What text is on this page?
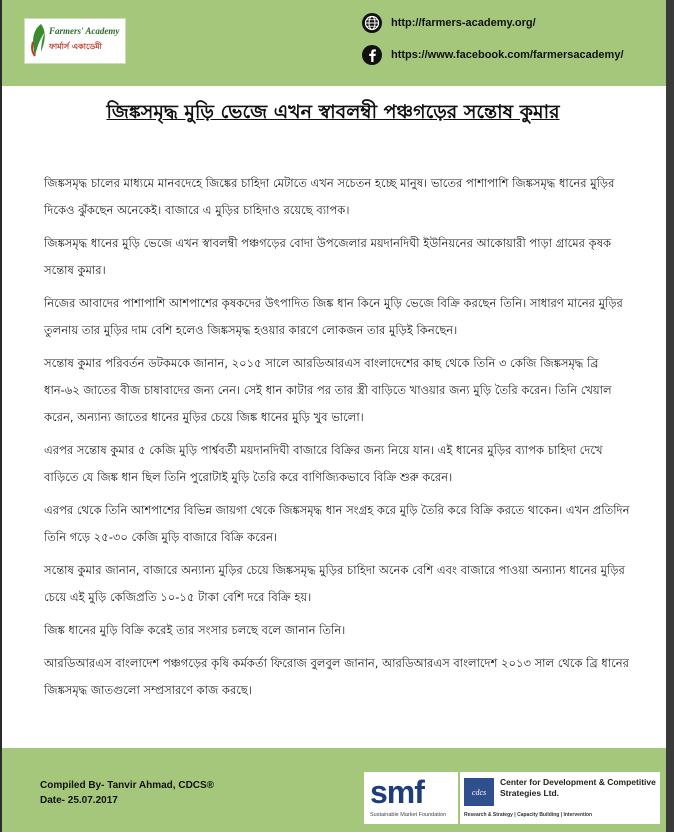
Farmers' Academy
ফার্মার্স একাডেমী
http://farmers-academy.org/
https://www.facebook.com/farmersacademy/
জিঙ্কসমৃদ্ধ মুড়ি ভেজে এখন স্বাবলম্বী পঞ্চগড়ের সন্তোষ কুমার

জিঙ্কসমৃদ্ধ চালের মাধ্যমে মানবদেহে জিঙ্কের চাহিদা মেটাতে এখন সচেতন হচ্ছে মানুষ। ভাতের পাশাপাশি জিঙ্কসমৃদ্ধ ধানের মুড়ির দিকেও ঝুঁকছেন অনেকেই। বাজারে এ মুড়ির চাহিদাও রয়েছে ব্যাপক।

জিঙ্কসমৃদ্ধ ধানের মুড়ি ভেজে এখন স্বাবলম্বী পঞ্চগড়ের বোদা উপজেলার ময়দানদিঘী ইউনিয়নের আকোয়ারী পাড়া গ্রামের কৃষক সন্তোষ কুমার।

নিজের আবাদের পাশাপাশি আশপাশের কৃষকদের উৎপাদিত জিঙ্ক ধান কিনে মুড়ি ভেজে বিক্রি করছেন তিনি। সাধারণ মানের মুড়ির তুলনায় তার মুড়ির দাম বেশি হলেও জিঙ্কসমৃদ্ধ হওয়ার কারণে লোকজন তার মুড়িই কিনছেন।

সন্তোষ কুমার পরিবর্তন ডটকমকে জানান, ২০১৫ সালে আরডিআরএস বাংলাদেশের কাছ থেকে তিনি ৩ কেজি জিঙ্কসমৃদ্ধ ব্রি ধান-৬২ জাতের বীজ চাষাবাদের জন্য নেন। সেই ধান কাটার পর তার স্ত্রী বাড়িতে খাওয়ার জন্য মুড়ি তৈরি করেন। তিনি খেয়াল করেন, অন্যান্য জাতের ধানের মুড়ির চেয়ে জিঙ্ক ধানের মুড়ি খুব ভালো।

এরপর সন্তোষ কুমার ৫ কেজি মুড়ি পার্শ্ববর্তী ময়দানদিঘী বাজারে বিক্রির জন্য নিয়ে যান। এই ধানের মুড়ির ব্যাপক চাহিদা দেখে বাড়িতে যে জিঙ্ক ধান ছিল তিনি পুরোটাই মুড়ি তৈরি করে বাণিজ্যিকভাবে বিক্রি শুরু করেন।

এরপর থেকে তিনি আশপাশের বিভিন্ন জায়গা থেকে জিঙ্কসমৃদ্ধ ধান সংগ্রহ করে মুড়ি তৈরি করে বিক্রি করতে থাকেন। এখন প্রতিদিন তিনি গড়ে ২৫-৩০ কেজি মুড়ি বাজারে বিক্রি করেন।

সন্তোষ কুমার জানান, বাজারে অন্যান্য মুড়ির চেয়ে জিঙ্কসমৃদ্ধ মুড়ির চাহিদা অনেক বেশি এবং বাজারে পাওয়া অন্যান্য ধানের মুড়ির চেয়ে এই মুড়ি কেজিপ্রতি ১০-১৫ টাকা বেশি দরে বিক্রি হয়।

জিঙ্ক ধানের মুড়ি বিক্রি করেই তার সংসার চলছে বলে জানান তিনি।

আরডিআরএস বাংলাদেশ পঞ্চগড়ের কৃষি কর্মকর্তা ফিরোজ বুলবুল জানান, আরডিআরএস বাংলাদেশ ২০১৩ সাল থেকে ব্রি ধানের জিঙ্কসমৃদ্ধ জাতগুলো সম্প্রসারণে কাজ করছে।

Compiled By- Tanvir Ahmad, CDCS®
Date- 25.07.2017	smf
Sustainable Market Foundation
cdcs
Center for Development & Competitive Strategies Ltd.
Research & Strategy | Capacity Building | Intervention
